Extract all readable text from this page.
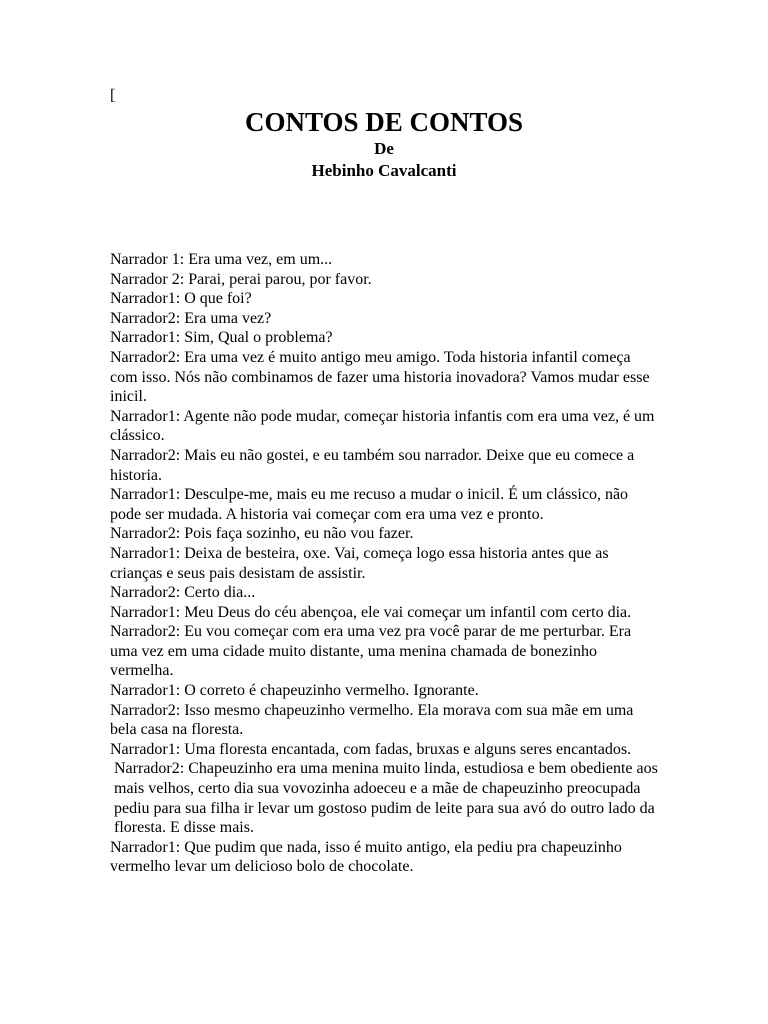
[

CONTOS DE CONTOS

De

Hebinho Cavalcanti

Narrador 1: Era uma vez, em um...

Narrador 2: Parai, perai parou, por favor.

Narrador1: O que foi?

Narrador2: Era uma vez?

Narrador1: Sim, Qual o problema?

Narrador2: Era uma vez é muito antigo meu amigo. Toda historia infantil começa com isso. Nós não combinamos de fazer uma historia inovadora? Vamos mudar esse inicil.

Narrador1: Agente não pode mudar, começar historia infantis com era uma vez, é um clássico.

Narrador2: Mais eu não gostei, e eu também sou narrador. Deixe que eu comece a historia.

Narrador1: Desculpe-me, mais eu me recuso a mudar o inicil. É um clássico, não pode ser mudada. A historia vai começar com era uma vez e pronto.

Narrador2: Pois faça sozinho, eu não vou fazer.

Narrador1: Deixa de besteira, oxe. Vai, começa logo essa historia antes que as crianças e seus pais desistam de assistir.

Narrador2: Certo dia...

Narrador1: Meu Deus do céu abençoa, ele vai começar um infantil com certo dia.

Narrador2: Eu vou começar com era uma vez pra você parar de me perturbar. Era uma vez em uma cidade muito distante, uma menina chamada de bonezinho vermelha.

Narrador1: O correto é chapeuzinho vermelho. Ignorante.

Narrador2: Isso mesmo chapeuzinho vermelho. Ela morava com sua mãe em uma bela casa na floresta.

Narrador1: Uma floresta encantada, com fadas, bruxas e alguns seres encantados.

Narrador2: Chapeuzinho era uma menina muito linda, estudiosa e bem obediente aos mais velhos, certo dia sua vovozinha adoeceu e a mãe de chapeuzinho preocupada pediu para sua filha ir levar um gostoso pudim de leite para sua avó do outro lado da floresta. E disse mais.

Narrador1: Que pudim que nada, isso é muito antigo, ela pediu pra chapeuzinho vermelho levar um delicioso bolo de chocolate.
